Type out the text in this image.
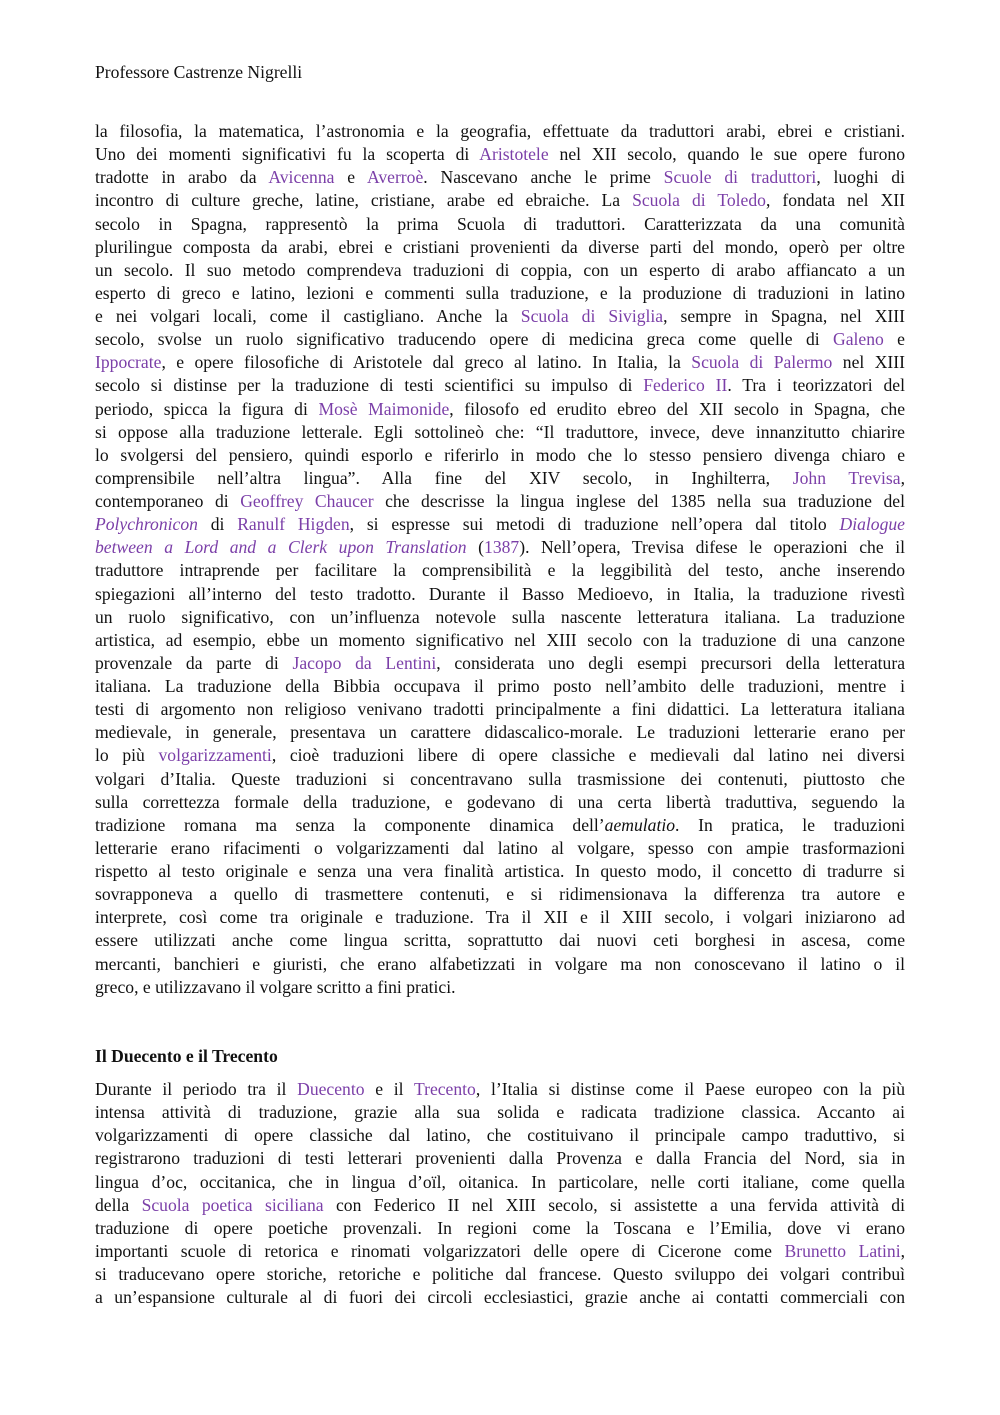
Professore Castrenze Nigrelli
la filosofia, la matematica, l’astronomia e la geografia, effettuate da traduttori arabi, ebrei e cristiani.
Uno dei momenti significativi fu la scoperta di Aristotele nel XII secolo, quando le sue opere furono
tradotte in arabo da Avicenna e Averroè. Nascevano anche le prime Scuole di traduttori, luoghi di
incontro di culture greche, latine, cristiane, arabe ed ebraiche. La Scuola di Toledo, fondata nel XII
secolo in Spagna, rappresentò la prima Scuola di traduttori. Caratterizzata da una comunità
plurilingue composta da arabi, ebrei e cristiani provenienti da diverse parti del mondo, operò per oltre
un secolo. Il suo metodo comprendeva traduzioni di coppia, con un esperto di arabo affiancato a un
esperto di greco e latino, lezioni e commenti sulla traduzione, e la produzione di traduzioni in latino
e nei volgari locali, come il castigliano. Anche la Scuola di Siviglia, sempre in Spagna, nel XIII
secolo, svolse un ruolo significativo traducendo opere di medicina greca come quelle di Galeno e
Ippocrate, e opere filosofiche di Aristotele dal greco al latino. In Italia, la Scuola di Palermo nel XIII
secolo si distinse per la traduzione di testi scientifici su impulso di Federico II. Tra i teorizzatori del
periodo, spicca la figura di Mosè Maimonide, filosofo ed erudito ebreo del XII secolo in Spagna, che
si oppose alla traduzione letterale. Egli sottolineò che: “Il traduttore, invece, deve innanzitutto chiarire
lo svolgersi del pensiero, quindi esporlo e riferirlo in modo che lo stesso pensiero divenga chiaro e
comprensibile nell’altra lingua”. Alla fine del XIV secolo, in Inghilterra, John Trevisa,
contemporaneo di Geoffrey Chaucer che descrisse la lingua inglese del 1385 nella sua traduzione del
Polychronicon di Ranulf Higden, si espresse sui metodi di traduzione nell’opera dal titolo Dialogue
between a Lord and a Clerk upon Translation (1387). Nell’opera, Trevisa difese le operazioni che il
traduttore intraprende per facilitare la comprensibilità e la leggibilità del testo, anche inserendo
spiegazioni all’interno del testo tradotto. Durante il Basso Medioevo, in Italia, la traduzione rivestì
un ruolo significativo, con un’influenza notevole sulla nascente letteratura italiana. La traduzione
artistica, ad esempio, ebbe un momento significativo nel XIII secolo con la traduzione di una canzone
provenzale da parte di Jacopo da Lentini, considerata uno degli esempi precursori della letteratura
italiana. La traduzione della Bibbia occupava il primo posto nell’ambito delle traduzioni, mentre i
testi di argomento non religioso venivano tradotti principalmente a fini didattici. La letteratura italiana
medievale, in generale, presentava un carattere didascalico-morale. Le traduzioni letterarie erano per
lo più volgarizzamenti, cioè traduzioni libere di opere classiche e medievali dal latino nei diversi
volgari d’Italia. Queste traduzioni si concentravano sulla trasmissione dei contenuti, piuttosto che
sulla correttezza formale della traduzione, e godevano di una certa libertà traduttiva, seguendo la
tradizione romana ma senza la componente dinamica dell’aemulatio. In pratica, le traduzioni
letterarie erano rifacimenti o volgarizzamenti dal latino al volgare, spesso con ampie trasformazioni
rispetto al testo originale e senza una vera finalità artistica. In questo modo, il concetto di tradurre si
sovrapponeva a quello di trasmettere contenuti, e si ridimensionava la differenza tra autore e
interprete, così come tra originale e traduzione. Tra il XII e il XIII secolo, i volgari iniziarono ad
essere utilizzati anche come lingua scritta, soprattutto dai nuovi ceti borghesi in ascesa, come
mercanti, banchieri e giuristi, che erano alfabetizzati in volgare ma non conoscevano il latino o il
greco, e utilizzavano il volgare scritto a fini pratici.
Il Duecento e il Trecento
Durante il periodo tra il Duecento e il Trecento, l’Italia si distinse come il Paese europeo con la più
intensa attività di traduzione, grazie alla sua solida e radicata tradizione classica. Accanto ai
volgarizzamenti di opere classiche dal latino, che costituivano il principale campo traduttivo, si
registrarono traduzioni di testi letterari provenienti dalla Provenza e dalla Francia del Nord, sia in
lingua d’oc, occitanica, che in lingua d’oïl, oitanica. In particolare, nelle corti italiane, come quella
della Scuola poetica siciliana con Federico II nel XIII secolo, si assistette a una fervida attività di
traduzione di opere poetiche provenzali. In regioni come la Toscana e l’Emilia, dove vi erano
importanti scuole di retorica e rinomati volgarizzatori delle opere di Cicerone come Brunetto Latini,
si traducevano opere storiche, retoriche e politiche dal francese. Questo sviluppo dei volgari contribuì
a un’espansione culturale al di fuori dei circoli ecclesiastici, grazie anche ai contatti commerciali con
